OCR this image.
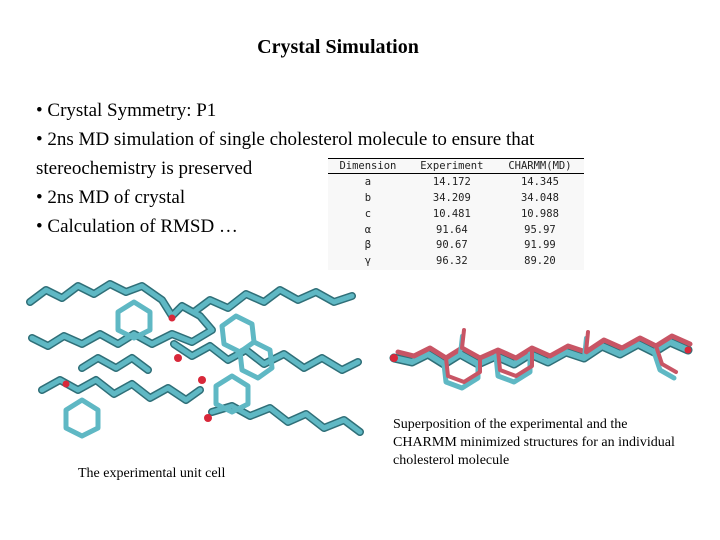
Crystal Simulation
• Crystal Symmetry: P1
• 2ns MD simulation of single cholesterol molecule to ensure that
stereochemistry is preserved
• 2ns MD of crystal
• Calculation of RMSD …
Dimension	Experiment	CHARMM(MD)
a	14.172	14.345
b	34.209	34.048
c	10.481	10.988
α	91.64	95.97
β	90.67	91.99
γ	96.32	89.20
The experimental unit cell
Superposition of the experimental and the CHARMM minimized structures for an individual cholesterol molecule
